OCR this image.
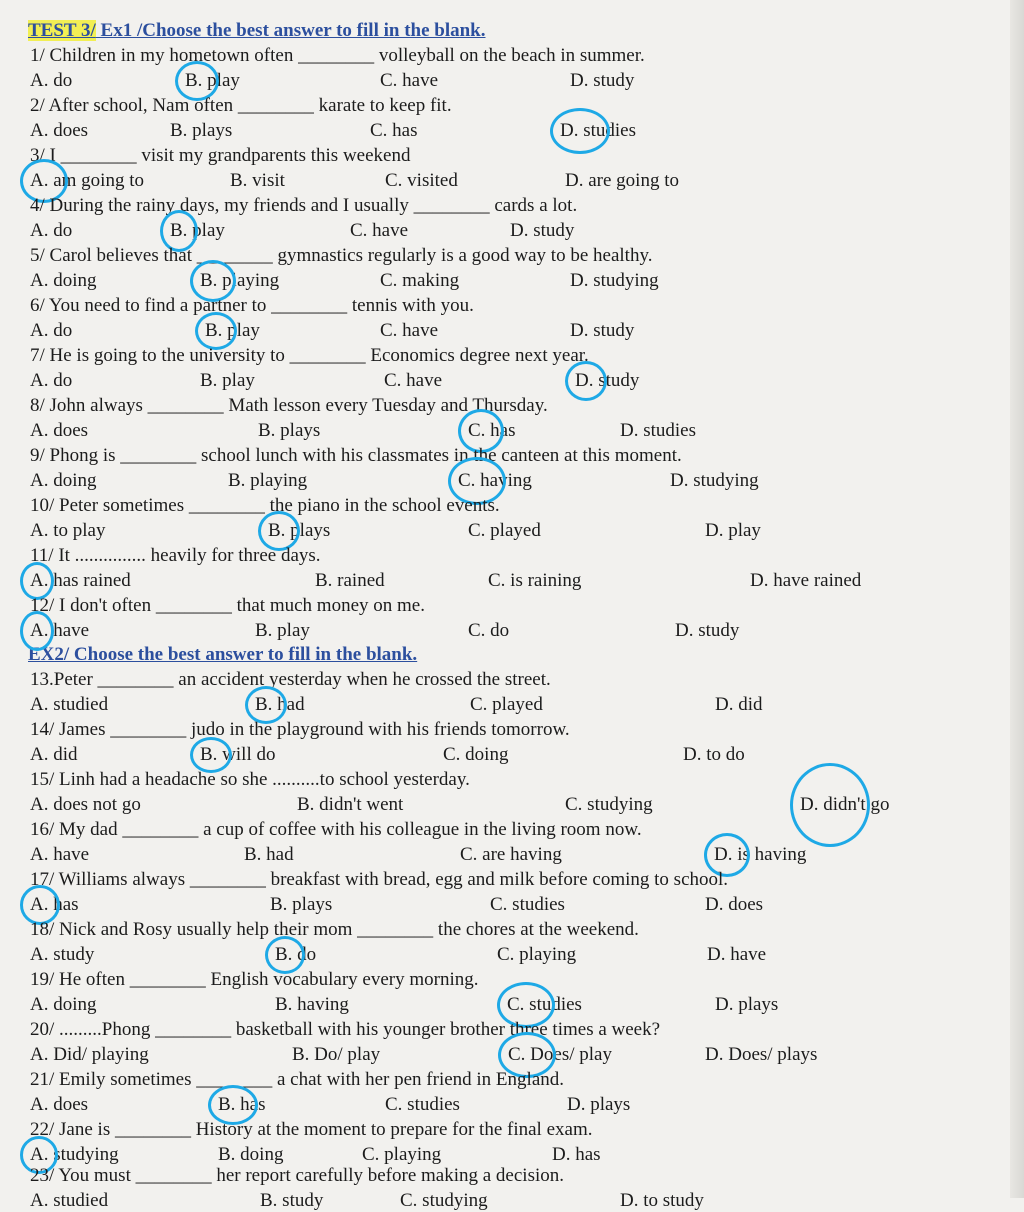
TEST 3/ Ex1 /Choose the best answer to fill in the blank.
EX2/ Choose the best answer to fill in the blank.
1/ Children in my hometown often ________ volleyball on the beach in summer.
A. do	B. play	C. have	D. study
2/ After school, Nam often ________ karate to keep fit.
A. does	B. plays	C. has	D. studies
3/ I ________ visit my grandparents this weekend
A. am going to	B. visit	C. visited	D. are going to
4/ During the rainy days, my friends and I usually ________ cards a lot.
A. do	B. play	C. have	D. study
5/ Carol believes that ________ gymnastics regularly is a good way to be healthy.
A. doing	B. playing	C. making	D. studying
6/ You need to find a partner to ________ tennis with you.
A. do	B. play	C. have	D. study
7/ He is going to the university to ________ Economics degree next year.
A. do	B. play	C. have	D. study
8/ John always ________ Math lesson every Tuesday and Thursday.
A. does	B. plays	C. has	D. studies
9/ Phong is ________ school lunch with his classmates in the canteen at this moment.
A. doing	B. playing	C. having	D. studying
10/ Peter sometimes ________ the piano in the school events.
A. to play	B. plays	C. played	D. play
11/ It ............... heavily for three days.
A. has rained	B. rained	C. is raining	D. have rained
12/ I don't often ________ that much money on me.
A. have	B. play	C. do	D. study
13.Peter ________ an accident yesterday when he crossed the street.
A. studied	B. had	C. played	D. did
14/ James ________ judo in the playground with his friends tomorrow.
A. did	B. will do	C. doing	D. to do
15/ Linh had a headache so she ..........to school yesterday.
A. does not go	B. didn't went	C. studying	D. didn't go
16/ My dad ________ a cup of coffee with his colleague in the living room now.
A. have	B. had	C. are having	D. is having
17/ Williams always ________ breakfast with bread, egg and milk before coming to school.
A. has	B. plays	C. studies	D. does
18/ Nick and Rosy usually help their mom ________ the chores at the weekend.
A. study	B. do	C. playing	D. have
19/ He often ________ English vocabulary every morning.
A. doing	B. having	C. studies	D. plays
20/ .........Phong ________ basketball with his younger brother three times a week?
A. Did/ playing	B. Do/ play	C. Does/ play	D. Does/ plays
21/ Emily sometimes ________ a chat with her pen friend in England.
A. does	B. has	C. studies	D. plays
22/ Jane is ________ History at the moment to prepare for the final exam.
A. studying	B. doing	C. playing	D. has
23/ You must ________ her report carefully before making a decision.
A. studied	B. study	C. studying	D. to study
